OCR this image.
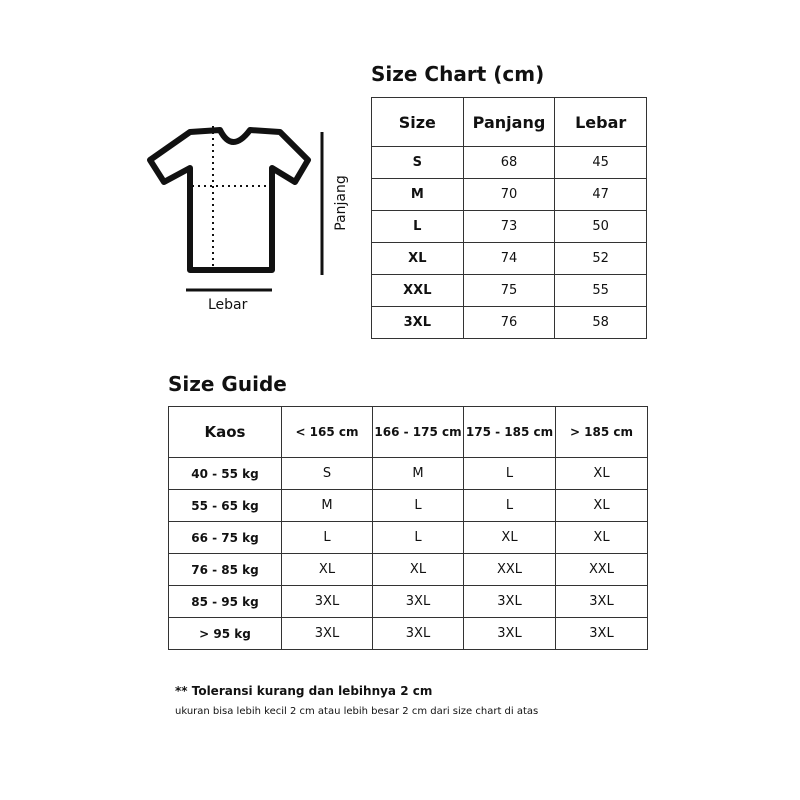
Panjang
Lebar
Size Chart (cm)
Size	Panjang	Lebar
S	68	45
M	70	47
L	73	50
XL	74	52
XXL	75	55
3XL	76	58
Size Guide
Kaos	< 165 cm	166 - 175 cm	175 - 185 cm	> 185 cm
40 - 55 kg	S	M	L	XL
55 - 65 kg	M	L	L	XL
66 - 75 kg	L	L	XL	XL
76 - 85 kg	XL	XL	XXL	XXL
85 - 95 kg	3XL	3XL	3XL	3XL
> 95 kg	3XL	3XL	3XL	3XL
** Toleransi kurang dan lebihnya 2 cm
ukuran bisa lebih kecil 2 cm atau lebih besar 2 cm dari size chart di atas
